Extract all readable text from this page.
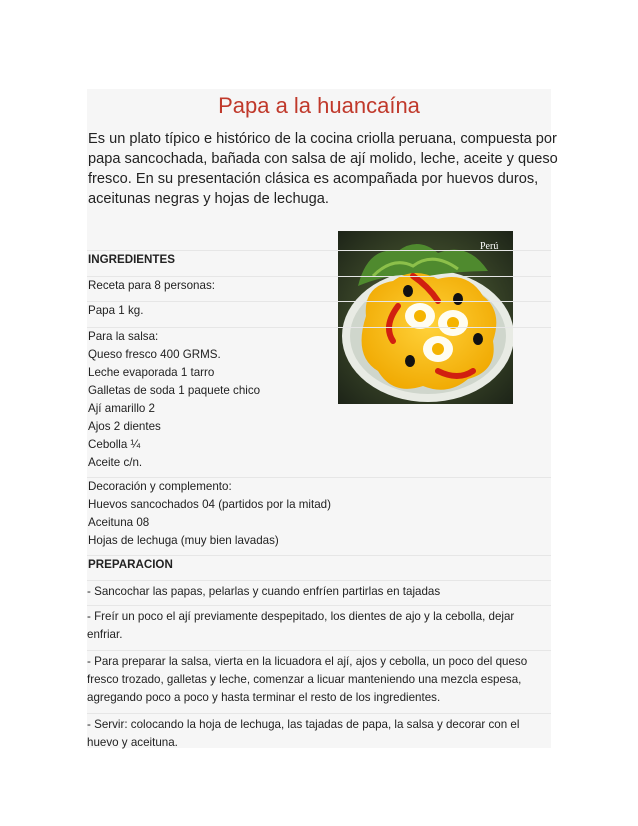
Papa a la huancaína
Es un plato típico e histórico de la cocina criolla peruana, compuesta por papa sancochada, bañada con salsa de ají molido, leche, aceite y queso fresco. En su presentación clásica es acompañada por huevos duros, aceitunas negras y hojas de lechuga.
Perú
INGREDIENTES
Receta para 8 personas:
Papa 1 kg.
Para la salsa:
Queso fresco 400 GRMS.
Leche evaporada 1 tarro
Galletas de soda 1 paquete chico
Ají amarillo 2
Ajos 2 dientes
Cebolla ¼
Aceite c/n.
Decoración y complemento:
Huevos sancochados 04 (partidos por la mitad)
Aceituna 08
Hojas de lechuga (muy bien lavadas)
PREPARACION
- Sancochar las papas, pelarlas y cuando enfríen partirlas en tajadas
- Freír un poco el ají previamente despepitado, los dientes de ajo y la cebolla, dejar enfriar.
- Para preparar la salsa, vierta en la licuadora el ají, ajos y cebolla, un poco del queso fresco trozado, galletas y leche, comenzar a licuar manteniendo una mezcla espesa, agregando poco a poco y hasta terminar el resto de los ingredientes.
- Servir: colocando la hoja de lechuga, las tajadas de papa, la salsa y decorar con el huevo y aceituna.
